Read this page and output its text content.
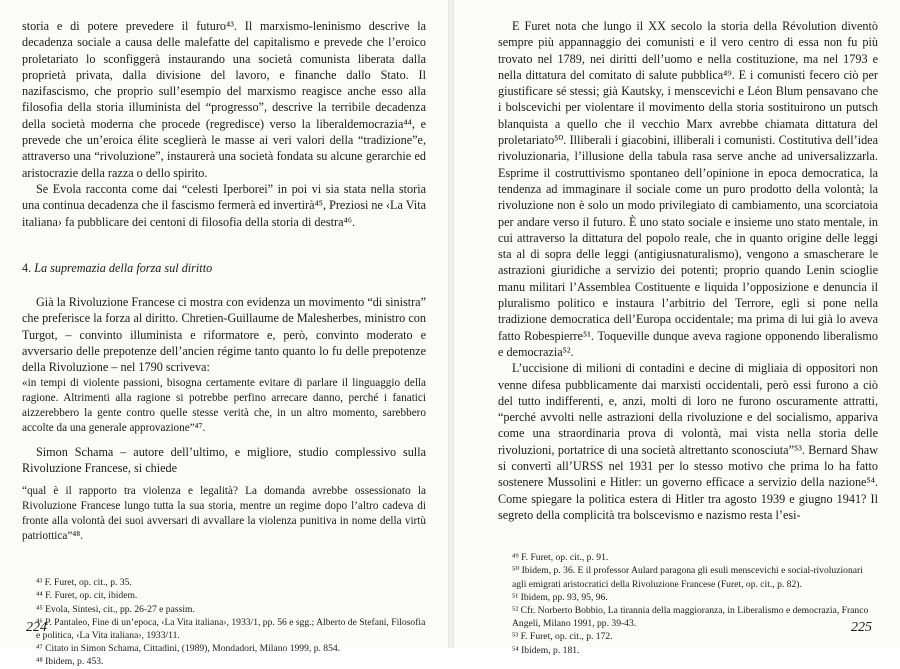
storia e di potere prevedere il futuro⁴³. Il marxismo-leninismo descrive la decadenza sociale a causa delle malefatte del capitalismo e prevede che l’eroico proletariato lo sconfiggerà instaurando una società comunista liberata dalla proprietà privata, dalla divisione del lavoro, e finanche dallo Stato. Il nazifascismo, che proprio sull’esempio del marxismo reagisce anche esso alla filosofia della storia illuminista del “progresso”, descrive la terribile decadenza della società moderna che procede (regredisce) verso la liberaldemocrazia⁴⁴, e prevede che un’eroica élite sceglierà le masse ai veri valori della “tradizione”e, attraverso una “rivoluzione”, instaurerà una società fondata su alcune gerarchie ed aristocrazie della razza o dello spirito.

Se Evola racconta come dai “celesti Iperborei” in poi vi sia stata nella storia una continua decadenza che il fascismo fermerà ed invertirà⁴⁵, Preziosi ne ‹La Vita italiana› fa pubblicare dei centoni di filosofia della storia di destra⁴⁶.

4. La supremazia della forza sul diritto

Già la Rivoluzione Francese ci mostra con evidenza un movimento “di sinistra” che preferisce la forza al diritto. Chretien-Guillaume de Malesherbes, ministro con Turgot, – convinto illuminista e riformatore e, però, convinto moderato e avversario delle prepotenze dell’ancien régime tanto quanto lo fu delle prepotenze della Rivoluzione – nel 1790 scriveva:

«in tempi di violente passioni, bisogna certamente evitare di parlare il linguaggio della ragione. Altrimenti alla ragione si potrebbe perfino arrecare danno, perché i fanatici aizzerebbero la gente contro quelle stesse verità che, in un altro momento, sarebbero accolte da una generale approvazione”⁴⁷.

Simon Schama – autore dell’ultimo, e migliore, studio complessivo sulla Rivoluzione Francese, si chiede

“qual è il rapporto tra violenza e legalità? La domanda avrebbe ossessionato la Rivoluzione Francese lungo tutta la sua storia, mentre un regime dopo l’altro cadeva di fronte alla volontà dei suoi avversari di avvallare la violenza punitiva in nome della virtù patriottica”⁴⁸.

⁴³ F. Furet, op. cit., p. 35.
⁴⁴ F. Furet, op. cit, ibidem.
⁴⁵ Evola, Sintesi, cit., pp. 26-27 e passim.
⁴⁶ P. Pantaleo, Fine di un’epoca, ‹La Vita italiana›, 1933/1, pp. 56 e sgg.; Alberto de Stefani, Filosofia e politica, ‹La Vita italiana›, 1933/11.
⁴⁷ Citato in Simon Schama, Cittadini, (1989), Mondadori, Milano 1999, p. 854.
⁴⁸ Ibidem, p. 453.
224

E Furet nota che lungo il XX secolo la storia della Révolution diventò sempre più appannaggio dei comunisti e il vero centro di essa non fu più trovato nel 1789, nei diritti dell’uomo e nella costituzione, ma nel 1793 e nella dittatura del comitato di salute pubblica⁴⁹. E i comunisti fecero ciò per giustificare sé stessi; già Kautsky, i menscevichi e Léon Blum pensavano che i bolscevichi per violentare il movimento della storia sostituirono un putsch blanquista a quello che il vecchio Marx avrebbe chiamata dittatura del proletariato⁵⁰. Illiberali i giacobini, illiberali i comunisti. Costitutiva dell’idea rivoluzionaria, l’illusione della tabula rasa serve anche ad universalizzarla. Esprime il costruttivismo spontaneo dell’opinione in epoca democratica, la tendenza ad immaginare il sociale come un puro prodotto della volontà; la rivoluzione non è solo un modo privilegiato di cambiamento, una scorciatoia per andare verso il futuro. È uno stato sociale e insieme uno stato mentale, in cui attraverso la dittatura del popolo reale, che in quanto origine delle leggi sta al di sopra delle leggi (antigiusnaturalismo), vengono a smascherare le astrazioni giuridiche a servizio dei potenti; proprio quando Lenin scioglie manu militari l’Assemblea Costituente e liquida l’opposizione e denuncia il pluralismo politico e instaura l’arbitrio del Terrore, egli si pone nella tradizione democratica dell’Europa occidentale; ma prima di lui già lo aveva fatto Robespierre⁵¹. Toqueville dunque aveva ragione opponendo liberalismo e democrazia⁵².

L’uccisione di milioni di contadini e decine di migliaia di oppositori non venne difesa pubblicamente dai marxisti occidentali, però essi furono a ciò del tutto indifferenti, e, anzi, molti di loro ne furono oscuramente attratti, “perché avvolti nelle astrazioni della rivoluzione e del socialismo, appariva come una straordinaria prova di volontà, mai vista nella storia delle rivoluzioni, portatrice di una società altrettanto sconosciuta”⁵³. Bernard Shaw si convertì all’URSS nel 1931 per lo stesso motivo che prima lo ha fatto sostenere Mussolini e Hitler: un governo efficace a servizio della nazione⁵⁴. Come spiegare la politica estera di Hitler tra agosto 1939 e giugno 1941? Il segreto della complicità tra bolscevismo e nazismo resta l’esi-

⁴⁹ F. Furet, op. cit., p. 91.
⁵⁰ Ibidem, p. 36. E il professor Aulard paragona gli esuli menscevichi e social-rivoluzionari agli emigrati aristocratici della Rivoluzione Francese (Furet, op. cit., p. 82).
⁵¹ Ibidem, pp. 93, 95, 96.
⁵² Cfr. Norberto Bobbio, La tirannia della maggioranza, in Liberalismo e democrazia, Franco Angeli, Milano 1991, pp. 39-43.
⁵³ F. Furet, op. cit., p. 172.
⁵⁴ Ibidem, p. 181.
225
